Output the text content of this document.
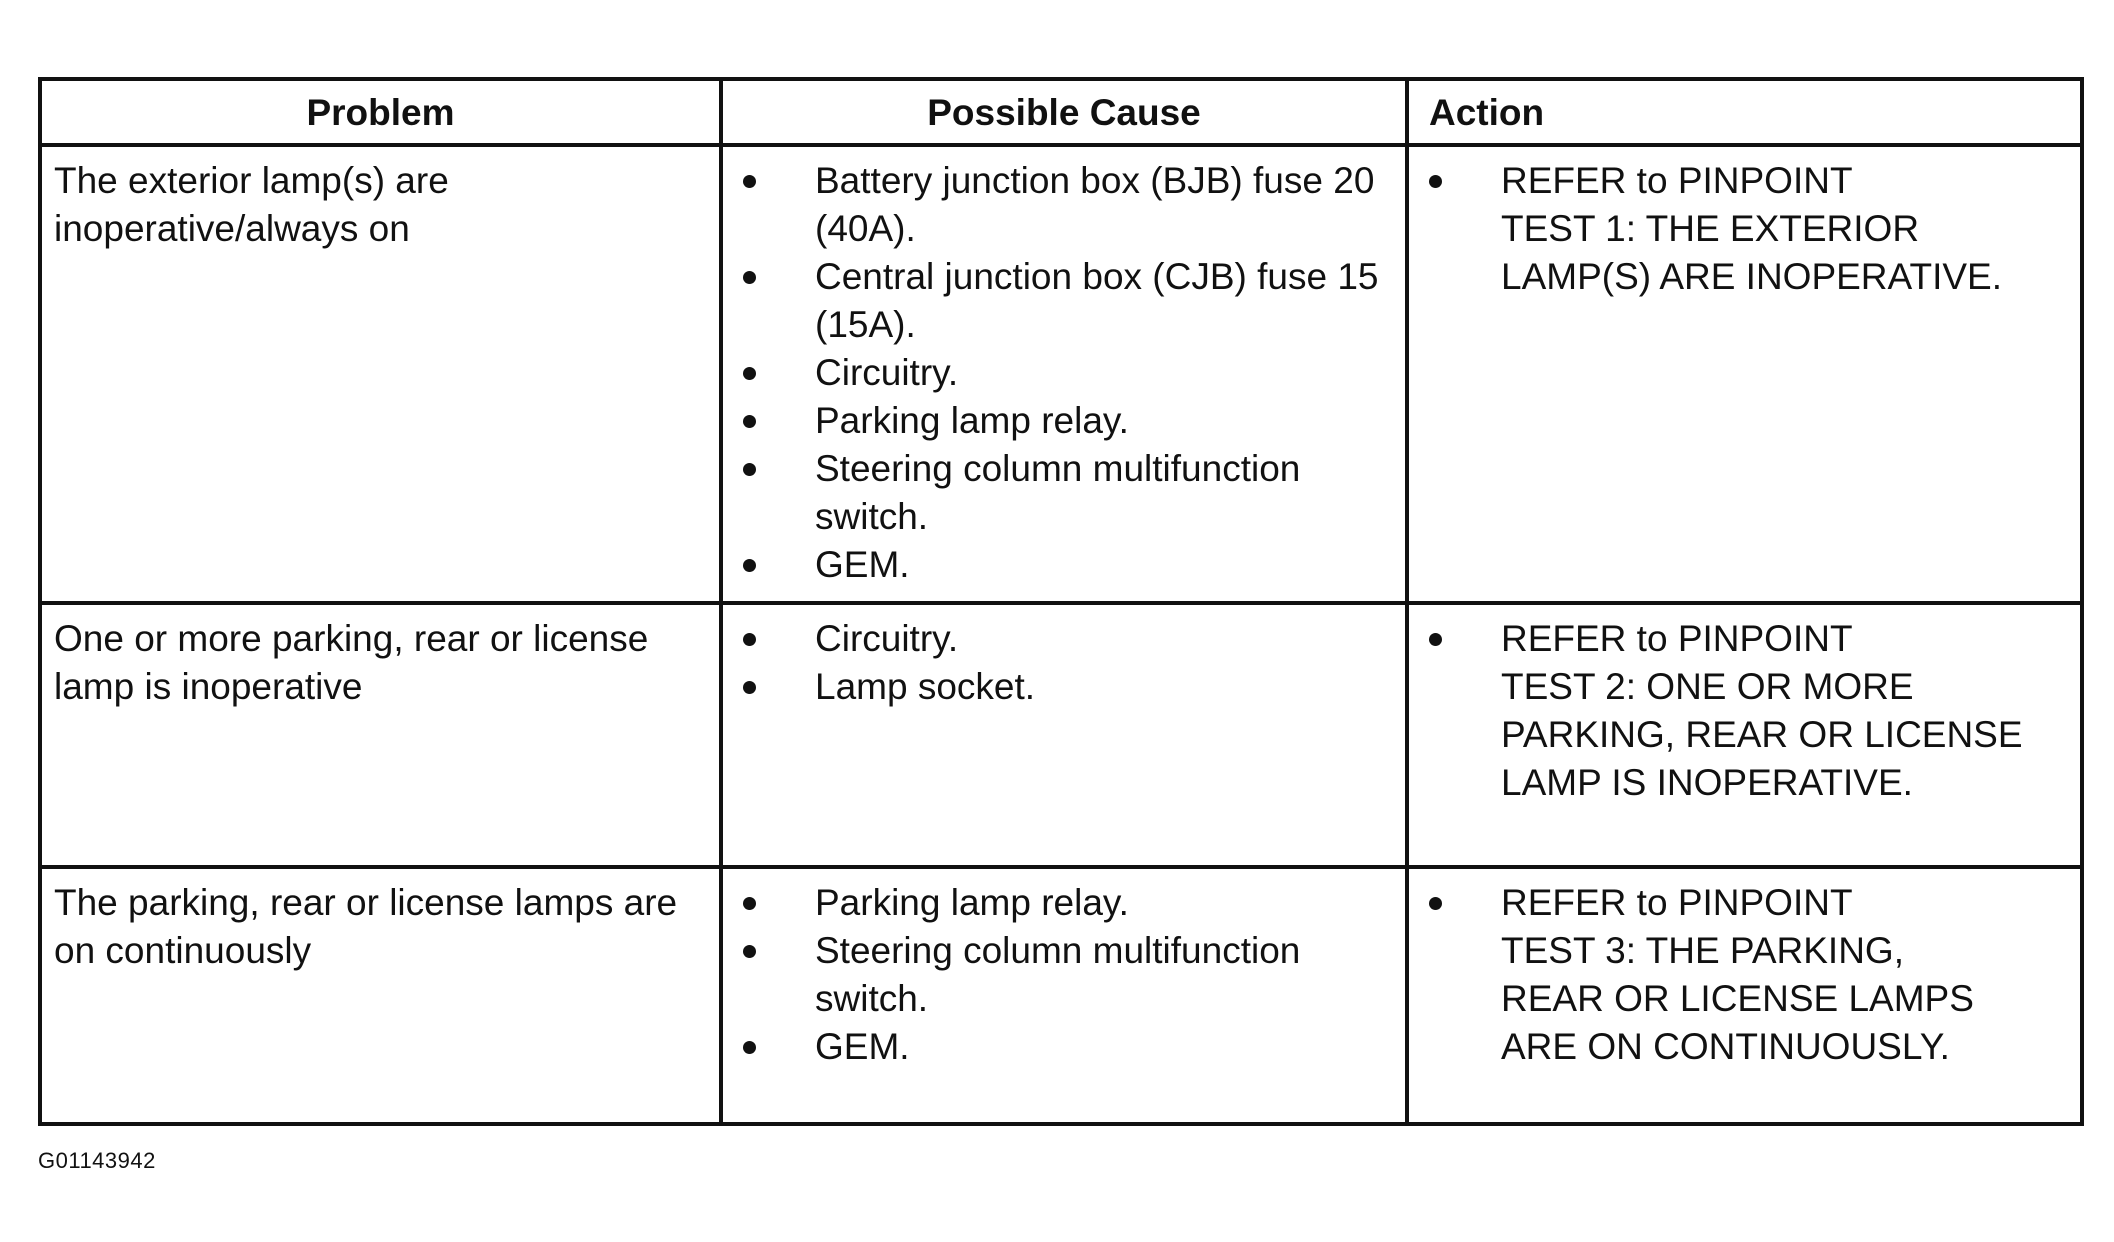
Problem	Possible Cause	Action
The exterior lamp(s) are inoperative/always on
Battery junction box (BJB) fuse 20 (40A).
Central junction box (CJB) fuse 15 (15A).
Circuitry.
Parking lamp relay.
Steering column multifunction switch.
GEM.
REFER to PINPOINT
TEST 1: THE EXTERIOR
LAMP(S) ARE INOPERATIVE.
One or more parking, rear or license lamp is inoperative
Circuitry.
Lamp socket.
REFER to PINPOINT
TEST 2: ONE OR MORE
PARKING, REAR OR LICENSE
LAMP IS INOPERATIVE.
The parking, rear or license lamps are on continuously
Parking lamp relay.
Steering column multifunction switch.
GEM.
REFER to PINPOINT
TEST 3: THE PARKING,
REAR OR LICENSE LAMPS
ARE ON CONTINUOUSLY.
G01143942
